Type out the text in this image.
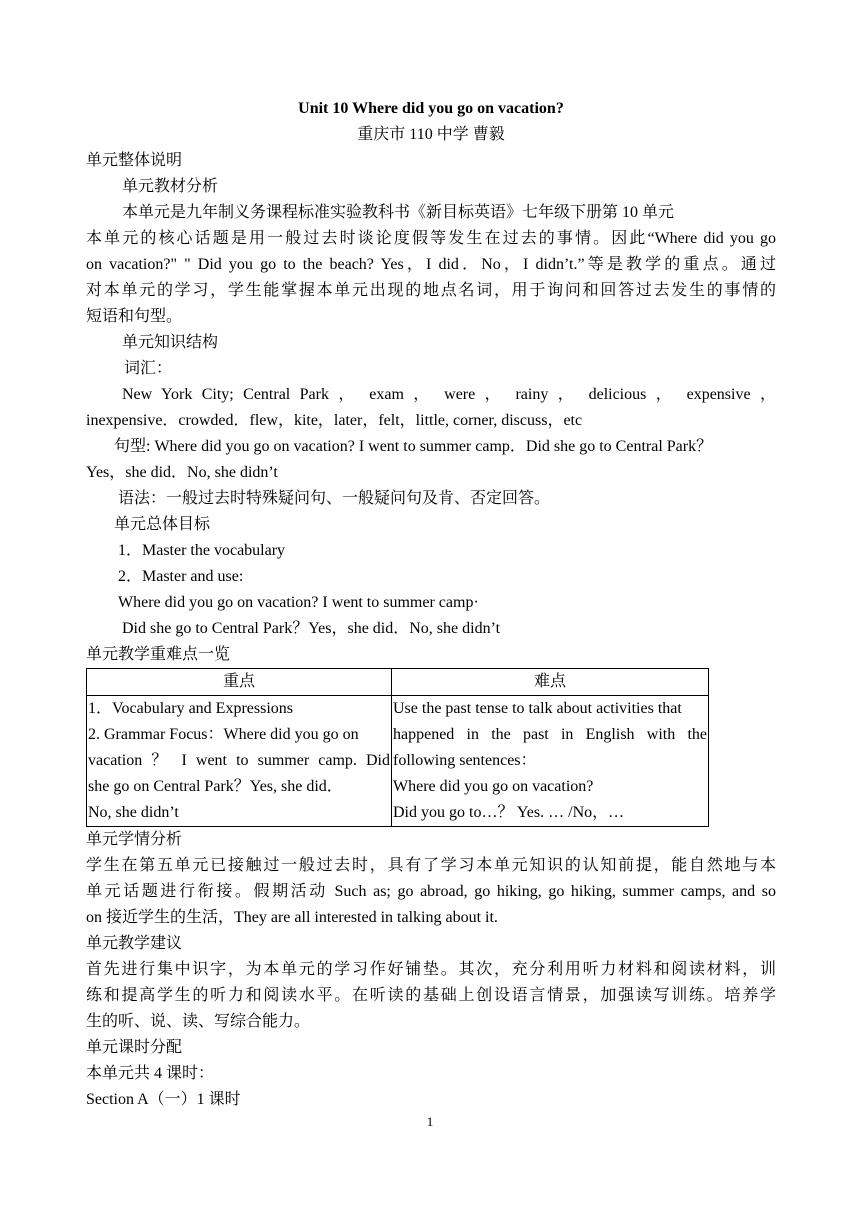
Unit 10 Where did you go on vacation?
重庆市 110 中学 曹毅
单元整体说明
单元教材分析
本单元是九年制义务课程标准实验教科书《新目标英语》七年级下册第 10 单元
本单元的核心话题是用一般过去时谈论度假等发生在过去的事情。因此“Where did you go
on vacation?" " Did you go to the beach? Yes，I did．No，I didn’t.”等是教学的重点。通过
对本单元的学习，学生能掌握本单元出现的地点名词，用于询问和回答过去发生的事情的
短语和句型。
单元知识结构
词汇：
New York City; Central Park ， exam ， were ， rainy ， delicious ， expensive ，
inexpensive．crowded．flew，kite，later，felt，little, corner, discuss，etc
句型: Where did you go on vacation? I went to summer camp．Did she go to Central Park？
Yes，she did．No, she didn’t
语法：一般过去时特殊疑问句、一般疑问句及肯、否定回答。
单元总体目标
1．Master the vocabulary
2．Master and use:
Where did you go on vacation? I went to summer camp·
Did she go to Central Park？Yes，she did．No, she didn’t
单元教学重难点一览
重点	难点

1．Vocabulary and Expressions
2. Grammar Focus：Where did you go on
vacation ？ I went to summer camp. Did
she go on Central Park？Yes, she did．
No, she didn’t	Use the past tense to talk about activities that
happened in the past in English with the
following sentences：
Where did you go on vacation?
Did you go to…？ Yes. … /No，…
单元学情分析
学生在第五单元已接触过一般过去时，具有了学习本单元知识的认知前提，能自然地与本
单元话题进行衔接。假期活动 Such as; go abroad, go hiking, go hiking, summer camps, and so
on 接近学生的生活，They are all interested in talking about it.
单元教学建议
首先进行集中识字，为本单元的学习作好铺垫。其次，充分利用听力材料和阅读材料，训
练和提高学生的听力和阅读水平。在听读的基础上创设语言情景，加强读写训练。培养学
生的听、说、读、写综合能力。
单元课时分配
本单元共 4 课时：
Section A（一）1 课时
1
